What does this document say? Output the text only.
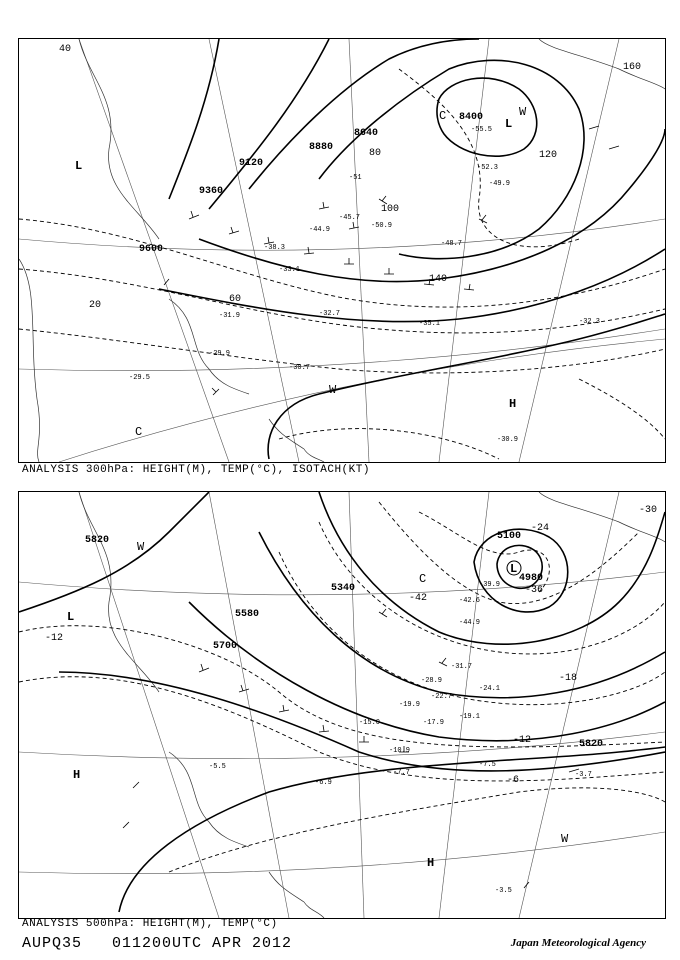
8400
8640
8880
9120
9360
9600
20
40
60
80
100
120
140
160
L
L
H
C
C
W
W
-55.5
-52.3
-51
-50.9
-49.9
-48.7
-45.7
-44.9
-38.3
-35.1
-33.1
-32.7
-32.3
-31.9
-30.7
-29.9
-29.5
-30.9
ANALYSIS 300hPa: HEIGHT(M), TEMP(°C), ISOTACH(KT)
4980
5100
5340
5580
5700
5820
5820
-42
-36
-30
-24
-18
-12
-12
-6
L
L
H
H
W
W
C	-39.9
-42.6
-44.9
-31.7
-28.9
-24.1
-22.7
-19.9
-19.1
-17.9
-15.0
-10.9
-7.7
-7.5
-6.9
-5.5
-3.7
-3.5
ANALYSIS 500hPa: HEIGHT(M), TEMP(°C)
AUPQ35 011200UTC APR 2012	Japan Meteorological Agency
